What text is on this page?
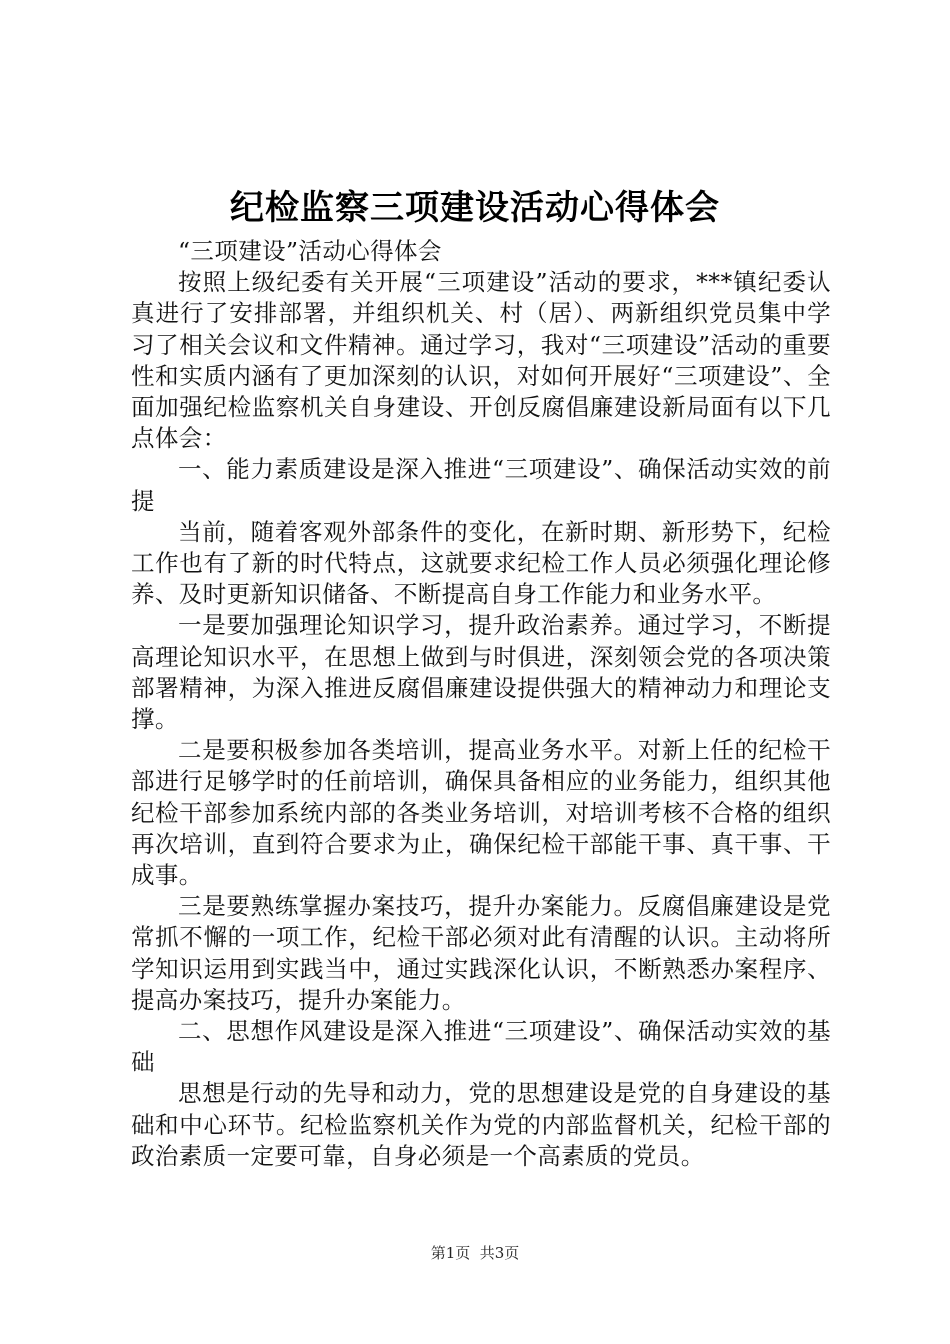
纪检监察三项建设活动心得体会

“三项建设”活动心得体会

按照上级纪委有关开展“三项建设”活动的要求，***镇纪委认真进行了安排部署，并组织机关、村（居）、两新组织党员集中学习了相关会议和文件精神。通过学习，我对“三项建设”活动的重要性和实质内涵有了更加深刻的认识，对如何开展好“三项建设”、全面加强纪检监察机关自身建设、开创反腐倡廉建设新局面有以下几点体会：

一、能力素质建设是深入推进“三项建设”、确保活动实效的前提

当前，随着客观外部条件的变化，在新时期、新形势下，纪检工作也有了新的时代特点，这就要求纪检工作人员必须强化理论修养、及时更新知识储备、不断提高自身工作能力和业务水平。

一是要加强理论知识学习，提升政治素养。通过学习，不断提高理论知识水平，在思想上做到与时俱进，深刻领会党的各项决策部署精神，为深入推进反腐倡廉建设提供强大的精神动力和理论支撑。

二是要积极参加各类培训，提高业务水平。对新上任的纪检干部进行足够学时的任前培训，确保具备相应的业务能力，组织其他纪检干部参加系统内部的各类业务培训，对培训考核不合格的组织再次培训，直到符合要求为止，确保纪检干部能干事、真干事、干成事。

三是要熟练掌握办案技巧，提升办案能力。反腐倡廉建设是党常抓不懈的一项工作，纪检干部必须对此有清醒的认识。主动将所学知识运用到实践当中，通过实践深化认识，不断熟悉办案程序、提高办案技巧，提升办案能力。

二、思想作风建设是深入推进“三项建设”、确保活动实效的基础

思想是行动的先导和动力，党的思想建设是党的自身建设的基础和中心环节。纪检监察机关作为党的内部监督机关，纪检干部的政治素质一定要可靠，自身必须是一个高素质的党员。

第1页  共3页
